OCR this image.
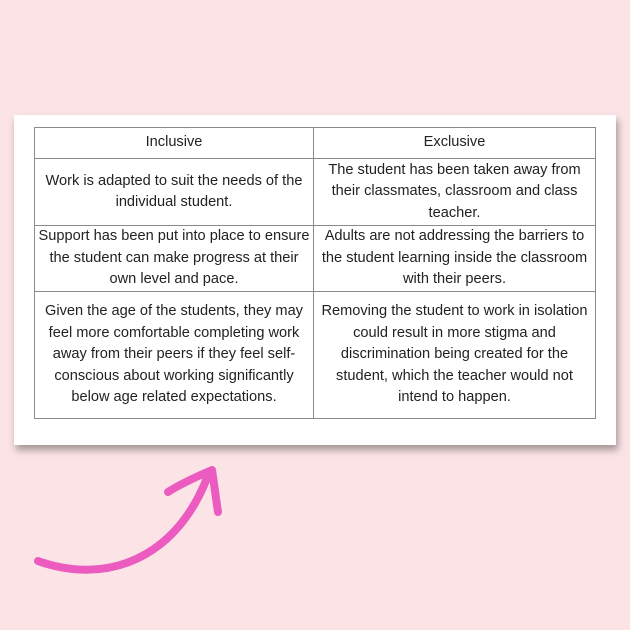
Inclusive	Exclusive
Work is adapted to suit the needs of the individual student.	The student has been taken away from their classmates, classroom and class teacher.
Support has been put into place to ensure the student can make progress at their own level and pace.	Adults are not addressing the barriers to the student learning inside the classroom with their peers.
Given the age of the students, they may feel more comfortable completing work away from their peers if they feel self-conscious about working significantly below age related expectations.	Removing the student to work in isolation could result in more stigma and discrimination being created for the student, which the teacher would not intend to happen.
